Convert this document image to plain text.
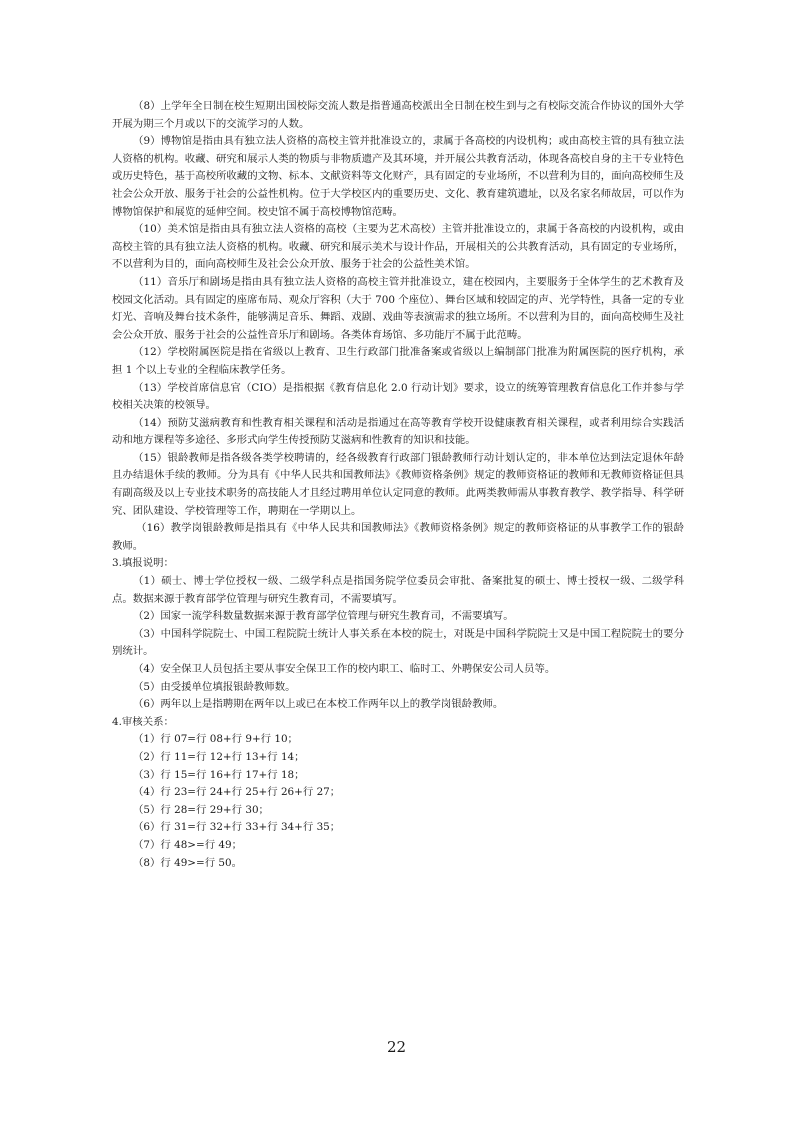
（8）上学年全日制在校生短期出国校际交流人数是指普通高校派出全日制在校生到与之有校际交流合作协议的国外大学开展为期三个月或以下的交流学习的人数。

（9）博物馆是指由具有独立法人资格的高校主管并批准设立的，隶属于各高校的内设机构；或由高校主管的具有独立法人资格的机构。收藏、研究和展示人类的物质与非物质遗产及其环境，并开展公共教育活动，体现各高校自身的主干专业特色或历史特色，基于高校所收藏的文物、标本、文献资料等文化财产，具有固定的专业场所，不以营利为目的，面向高校师生及社会公众开放、服务于社会的公益性机构。位于大学校区内的重要历史、文化、教育建筑遗址，以及名家名师故居，可以作为博物馆保护和展览的延伸空间。校史馆不属于高校博物馆范畴。

（10）美术馆是指由具有独立法人资格的高校（主要为艺术高校）主管并批准设立的，隶属于各高校的内设机构，或由高校主管的具有独立法人资格的机构。收藏、研究和展示美术与设计作品，开展相关的公共教育活动，具有固定的专业场所，不以营利为目的，面向高校师生及社会公众开放、服务于社会的公益性美术馆。

（11）音乐厅和剧场是指由具有独立法人资格的高校主管并批准设立，建在校园内，主要服务于全体学生的艺术教育及校园文化活动。具有固定的座席布局、观众厅容积（大于 700 个座位）、舞台区域和较固定的声、光学特性，具备一定的专业灯光、音响及舞台技术条件，能够满足音乐、舞蹈、戏剧、戏曲等表演需求的独立场所。不以营利为目的，面向高校师生及社会公众开放、服务于社会的公益性音乐厅和剧场。各类体育场馆、多功能厅不属于此范畴。

（12）学校附属医院是指在省级以上教育、卫生行政部门批准备案或省级以上编制部门批准为附属医院的医疗机构，承担 1 个以上专业的全程临床教学任务。

（13）学校首席信息官（CIO）是指根据《教育信息化 2.0 行动计划》要求，设立的统筹管理教育信息化工作并参与学校相关决策的校领导。

（14）预防艾滋病教育和性教育相关课程和活动是指通过在高等教育学校开设健康教育相关课程，或者利用综合实践活动和地方课程等多途径、多形式向学生传授预防艾滋病和性教育的知识和技能。

（15）银龄教师是指各级各类学校聘请的，经各级教育行政部门银龄教师行动计划认定的，非本单位达到法定退休年龄且办结退休手续的教师。分为具有《中华人民共和国教师法》《教师资格条例》规定的教师资格证的教师和无教师资格证但具有副高级及以上专业技术职务的高技能人才且经过聘用单位认定同意的教师。此两类教师需从事教育教学、教学指导、科学研究、团队建设、学校管理等工作，聘期在一学期以上。

（16）教学岗银龄教师是指具有《中华人民共和国教师法》《教师资格条例》规定的教师资格证的从事教学工作的银龄教师。

3.填报说明：

（1）硕士、博士学位授权一级、二级学科点是指国务院学位委员会审批、备案批复的硕士、博士授权一级、二级学科点。数据来源于教育部学位管理与研究生教育司，不需要填写。

（2）国家一流学科数量数据来源于教育部学位管理与研究生教育司，不需要填写。

（3）中国科学院院士、中国工程院院士统计人事关系在本校的院士，对既是中国科学院院士又是中国工程院院士的要分别统计。

（4）安全保卫人员包括主要从事安全保卫工作的校内职工、临时工、外聘保安公司人员等。

（5）由受援单位填报银龄教师数。

（6）两年以上是指聘期在两年以上或已在本校工作两年以上的教学岗银龄教师。

4.审核关系：

（1）行 07=行 08+行 9+行 10；

（2）行 11=行 12+行 13+行 14；

（3）行 15=行 16+行 17+行 18；

（4）行 23=行 24+行 25+行 26+行 27；

（5）行 28=行 29+行 30；

（6）行 31=行 32+行 33+行 34+行 35；

（7）行 48>=行 49；

（8）行 49>=行 50。

22
